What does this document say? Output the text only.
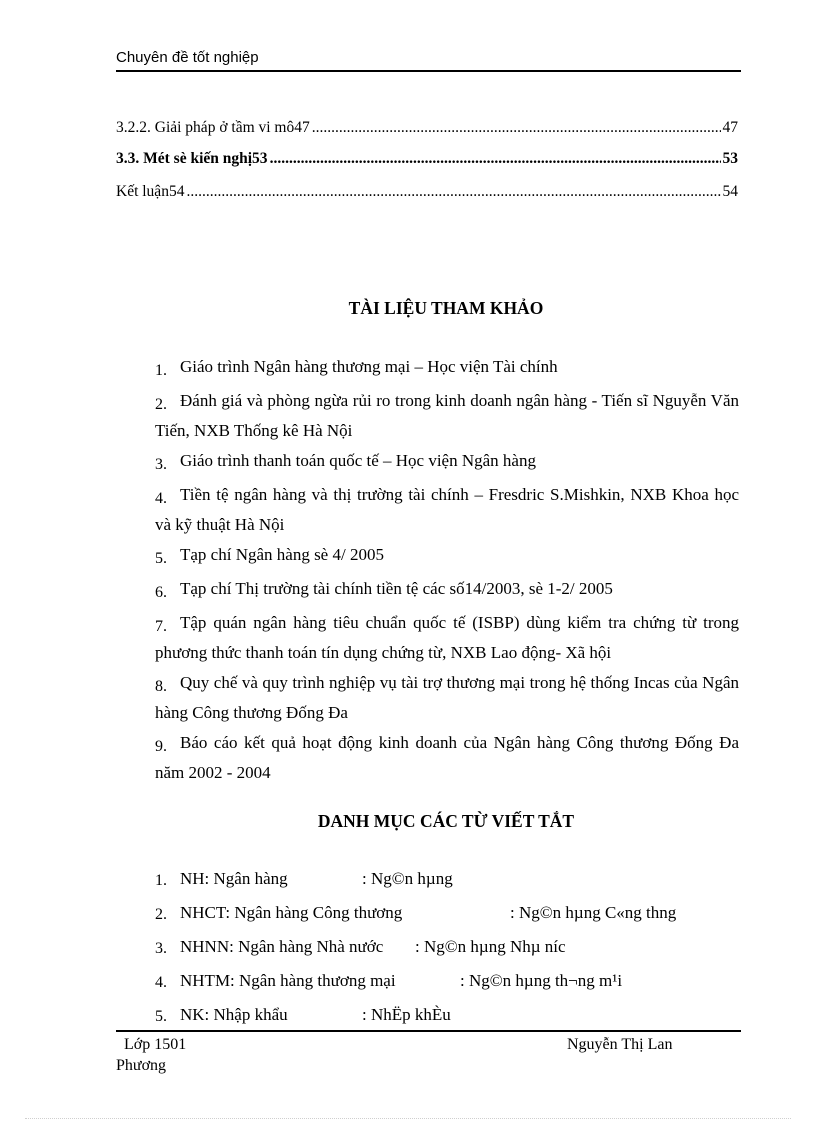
Chuyên đề tốt nghiệp
3.2.2. Giải pháp ở tầm vi mô47 .....	47
3.3. Mét sè kiến nghị53 .....	53
Kết luận54 .....	54
TÀI LIỆU THAM KHẢO

1. Giáo trình Ngân hàng thương mại – Học viện Tài chính

2. Đánh giá và phòng ngừa rủi ro trong kinh doanh ngân hàng - Tiến sĩ Nguyễn Văn Tiến, NXB Thống kê Hà Nội

3. Giáo trình thanh toán quốc tế – Học viện Ngân hàng

4. Tiền tệ ngân hàng và thị trường tài chính – Fresdric S.Mishkin, NXB Khoa học và kỹ thuật Hà Nội

5. Tạp chí Ngân hàng sè 4/ 2005

6. Tạp chí Thị trường tài chính tiền tệ các số14/2003, sè 1-2/ 2005

7. Tập quán ngân hàng tiêu chuẩn quốc tế (ISBP) dùng kiểm tra chứng từ trong phương thức thanh toán tín dụng chứng từ, NXB Lao động- Xã hội

8. Quy chế và quy trình nghiệp vụ tài trợ thương mại trong hệ thống Incas của Ngân hàng Công thương Đống Đa

9. Báo cáo kết quả hoạt động kinh doanh của Ngân hàng Công thương Đống Đa năm 2002 - 2004

DANH MỤC CÁC TỪ VIẾT TẮT
1. NH: Ngân hàng	: Ng©n hµng
2. NHCT: Ngân hàng Công thương	: Ng©n hµng C«ng thng
3. NHNN: Ngân hàng Nhà nước : Ng©n hµng Nhµ níc
4. NHTM: Ngân hàng thương mại	: Ng©n hµng th¬ng m¹i
5. NK: Nhập khẩu	: NhËp khÈu
Lớp 1501	Nguyễn Thị Lan
Phương
